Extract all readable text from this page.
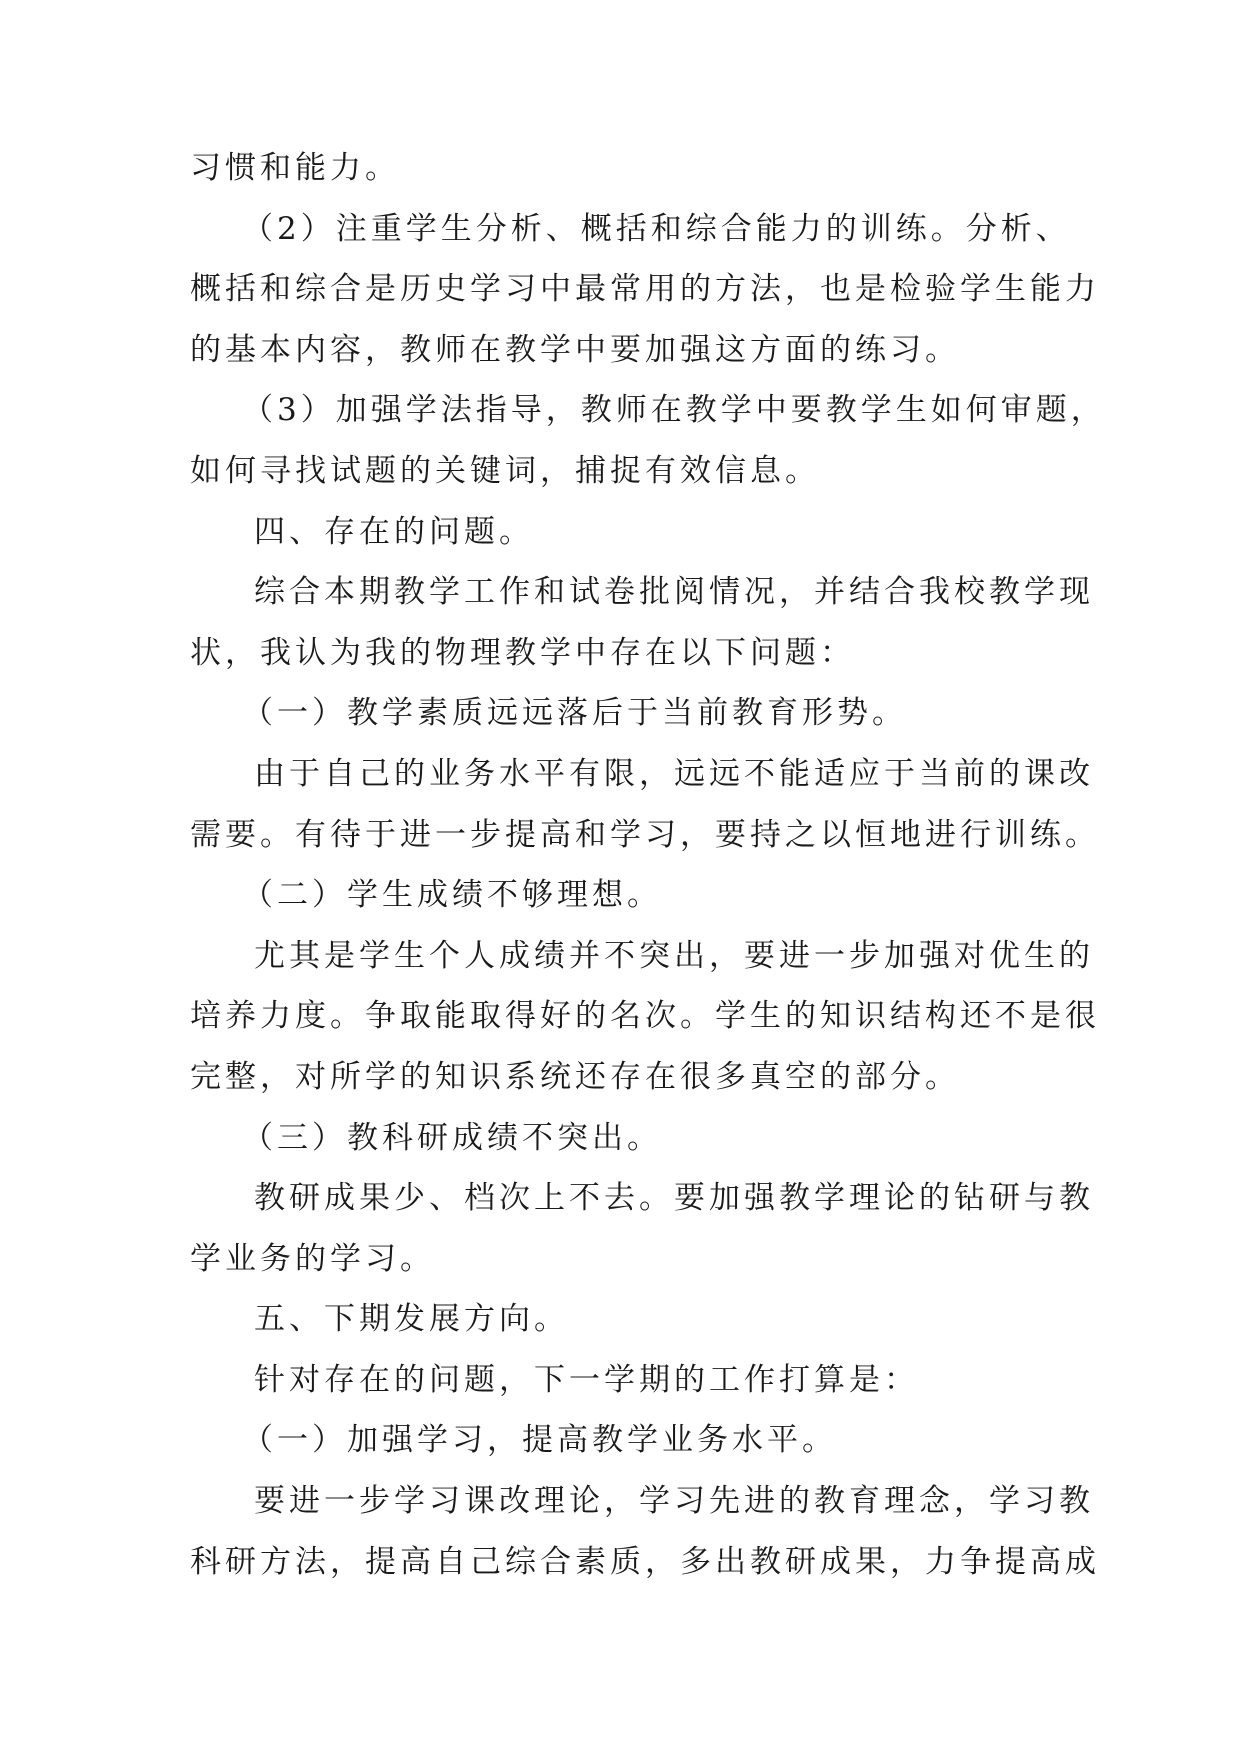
习惯和能力。
（2）注重学生分析、概括和综合能力的训练。分析、
概括和综合是历史学习中最常用的方法，也是检验学生能力
的基本内容，教师在教学中要加强这方面的练习。
（3）加强学法指导，教师在教学中要教学生如何审题，
如何寻找试题的关键词，捕捉有效信息。
四、存在的问题。
综合本期教学工作和试卷批阅情况，并结合我校教学现
状，我认为我的物理教学中存在以下问题：
（一）教学素质远远落后于当前教育形势。
由于自己的业务水平有限，远远不能适应于当前的课改
需要。有待于进一步提高和学习，要持之以恒地进行训练。
（二）学生成绩不够理想。
尤其是学生个人成绩并不突出，要进一步加强对优生的
培养力度。争取能取得好的名次。学生的知识结构还不是很
完整，对所学的知识系统还存在很多真空的部分。
（三）教科研成绩不突出。
教研成果少、档次上不去。要加强教学理论的钻研与教
学业务的学习。
五、下期发展方向。
针对存在的问题，下一学期的工作打算是：
（一）加强学习，提高教学业务水平。
要进一步学习课改理论，学习先进的教育理念，学习教
科研方法，提高自己综合素质，多出教研成果，力争提高成
